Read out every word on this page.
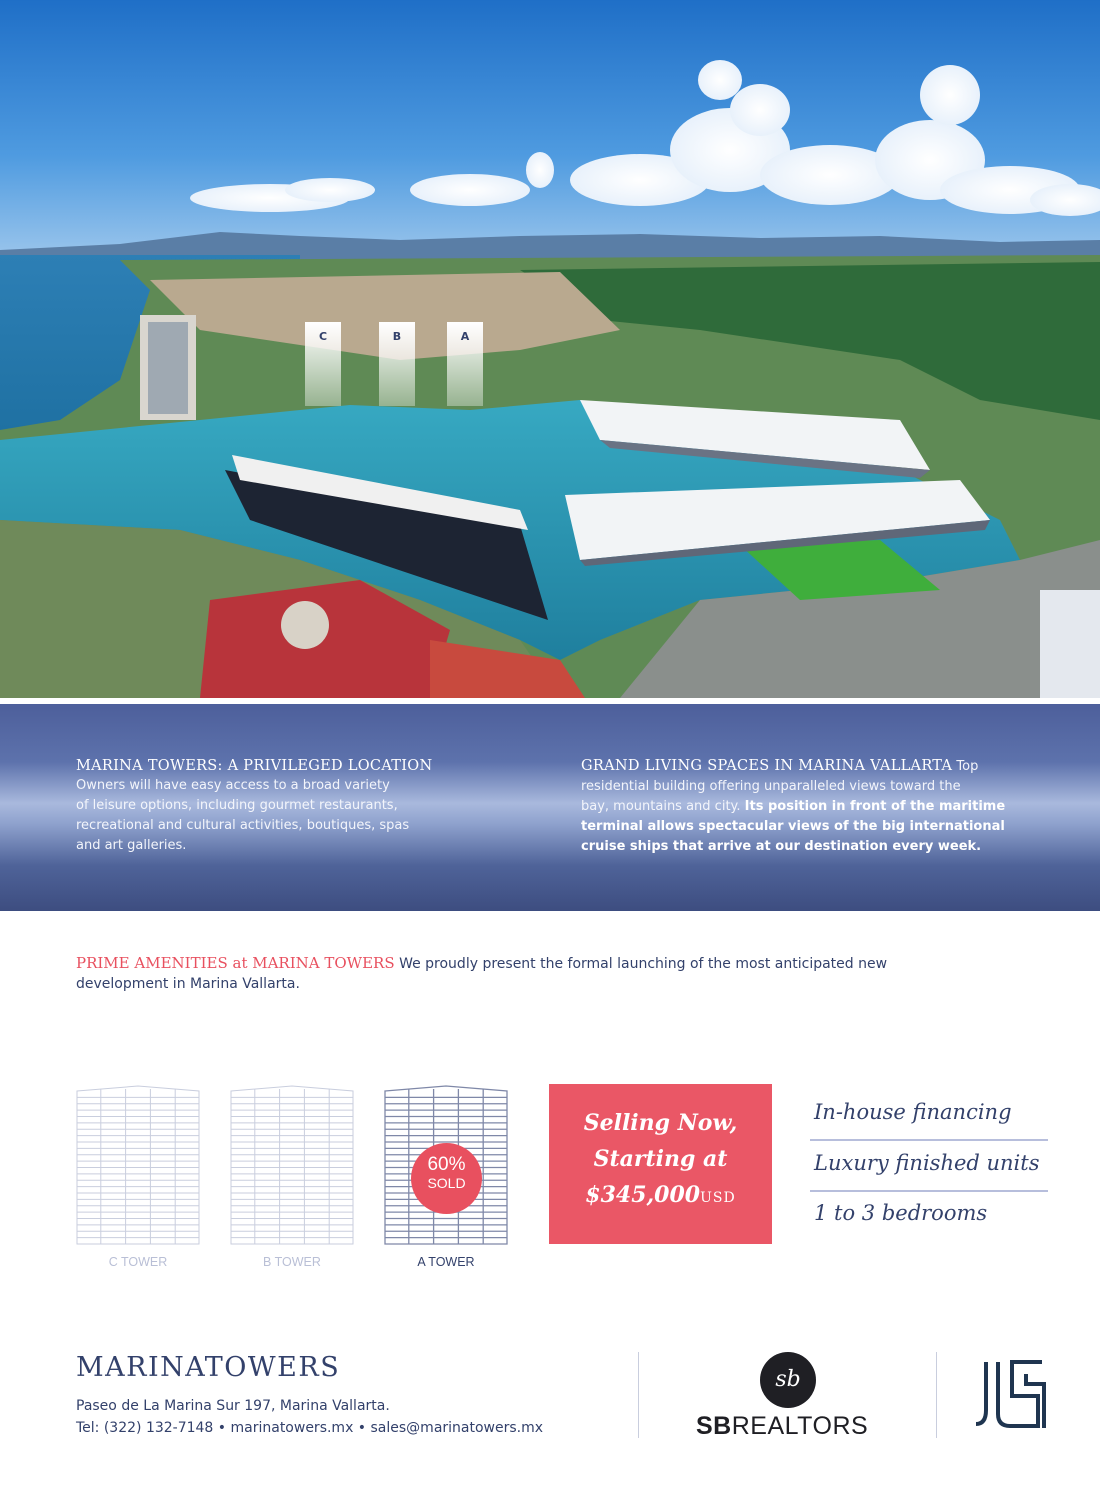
C	B	A
MARINA TOWERS: A PRIVILEGED LOCATION
Owners will have easy access to a broad variety
of leisure options, including gourmet restaurants,
recreational and cultural activities, boutiques, spas
and art galleries.
GRAND LIVING SPACES IN MARINA VALLARTA Top
residential building offering unparalleled views toward the
bay, mountains and city. Its position in front of the maritime
terminal allows spectacular views of the big international
cruise ships that arrive at our destination every week.
PRIME AMENITIES at MARINA TOWERS We proudly present the formal launching of the most anticipated new
development in Marina Vallarta.
C TOWER	B TOWER	A TOWER
60%
SOLD
Selling Now,
Starting at
$345,000USD
In-house financing
Luxury finished units
1 to 3 bedrooms
MARINATOWERS
Paseo de La Marina Sur 197, Marina Vallarta.
Tel: (322) 132-7148 • marinatowers.mx • sales@marinatowers.mx
sb
SBREALTORS
